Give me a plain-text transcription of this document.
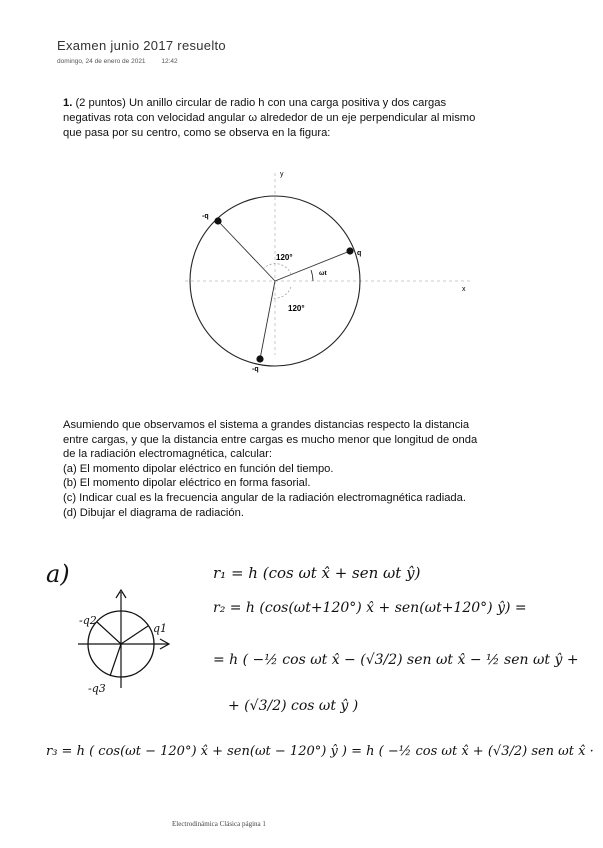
Examen junio 2017 resuelto
domingo, 24 de enero de 2021 12:42
1. (2 puntos) Un anillo circular de radio h con una carga positiva y dos cargas
negativas rota con velocidad angular ω alrededor de un eje perpendicular al mismo
que pasa por su centro, como se observa en la figura:
y
x
-q
q
-q
120°
120°
ωt
Asumiendo que observamos el sistema a grandes distancias respecto la distancia
entre cargas, y que la distancia entre cargas es mucho menor que longitud de onda
de la radiación electromagnética, calcular:
(a) El momento dipolar eléctrico en función del tiempo.
(b) El momento dipolar eléctrico en forma fasorial.
(c) Indicar cual es la frecuencia angular de la radiación electromagnética radiada.
(d) Dibujar el diagrama de radiación.
a)
q1
-q2
-q3
r₁ = h (cos ωt x̂ + sen ωt ŷ)
r₂ = h (cos(ωt+120°) x̂ + sen(ωt+120°) ŷ) =
= h ( −½ cos ωt x̂ − (√3/2) sen ωt x̂ − ½ sen ωt ŷ +
+ (√3/2) cos ωt ŷ )
r₃ = h ( cos(ωt − 120°) x̂ + sen(ωt − 120°) ŷ ) = h ( −½ cos ωt x̂ + (√3/2) sen ωt x̂ ·
Electrodinámica Clásica página 1
